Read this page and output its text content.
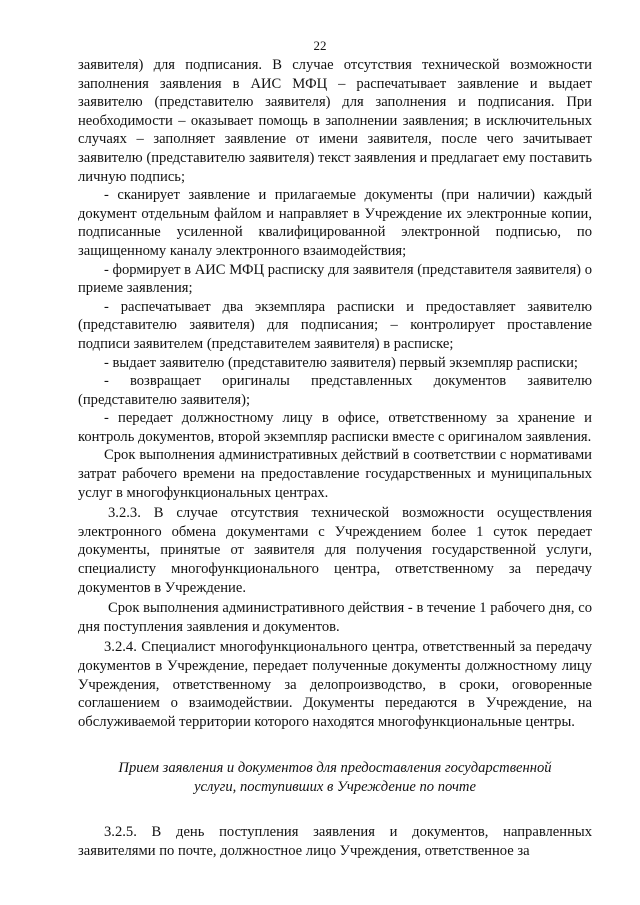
22

заявителя) для подписания. В случае отсутствия технической возможности заполнения заявления в АИС МФЦ – распечатывает заявление и выдает заявителю (представителю заявителя) для заполнения и подписания. При необходимости – оказывает помощь в заполнении заявления; в исключительных случаях – заполняет заявление от имени заявителя, после чего зачитывает заявителю (представителю заявителя) текст заявления и предлагает ему поставить личную подпись;

- сканирует заявление и прилагаемые документы (при наличии) каждый документ отдельным файлом и направляет в Учреждение их электронные копии, подписанные усиленной квалифицированной электронной подписью, по защищенному каналу электронного взаимодействия;

- формирует в АИС МФЦ расписку для заявителя (представителя заявителя) о приеме заявления;

- распечатывает два экземпляра расписки и предоставляет заявителю (представителю заявителя) для подписания; – контролирует проставление подписи заявителем (представителем заявителя) в расписке;

- выдает заявителю (представителю заявителя) первый экземпляр расписки;

- возвращает оригиналы представленных документов заявителю (представителю заявителя);

- передает должностному лицу в офисе, ответственному за хранение и контроль документов, второй экземпляр расписки вместе с оригиналом заявления.

Срок выполнения административных действий в соответствии с нормативами затрат рабочего времени на предоставление государственных и муниципальных услуг в многофункциональных центрах.

3.2.3. В случае отсутствия технической возможности осуществления электронного обмена документами с Учреждением более 1 суток передает документы, принятые от заявителя для получения государственной услуги, специалисту многофункционального центра, ответственному за передачу документов в Учреждение.

Срок выполнения административного действия - в течение 1 рабочего дня, со дня поступления заявления и документов.

3.2.4. Специалист многофункционального центра, ответственный за передачу документов в Учреждение, передает полученные документы должностному лицу Учреждения, ответственному за делопроизводство, в сроки, оговоренные соглашением о взаимодействии. Документы передаются в Учреждение, на обслуживаемой территории которого находятся многофункциональные центры.

Прием заявления и документов для предоставления государственной
услуги, поступивших в Учреждение по почте

3.2.5. В день поступления заявления и документов, направленных заявителями по почте, должностное лицо Учреждения, ответственное за
